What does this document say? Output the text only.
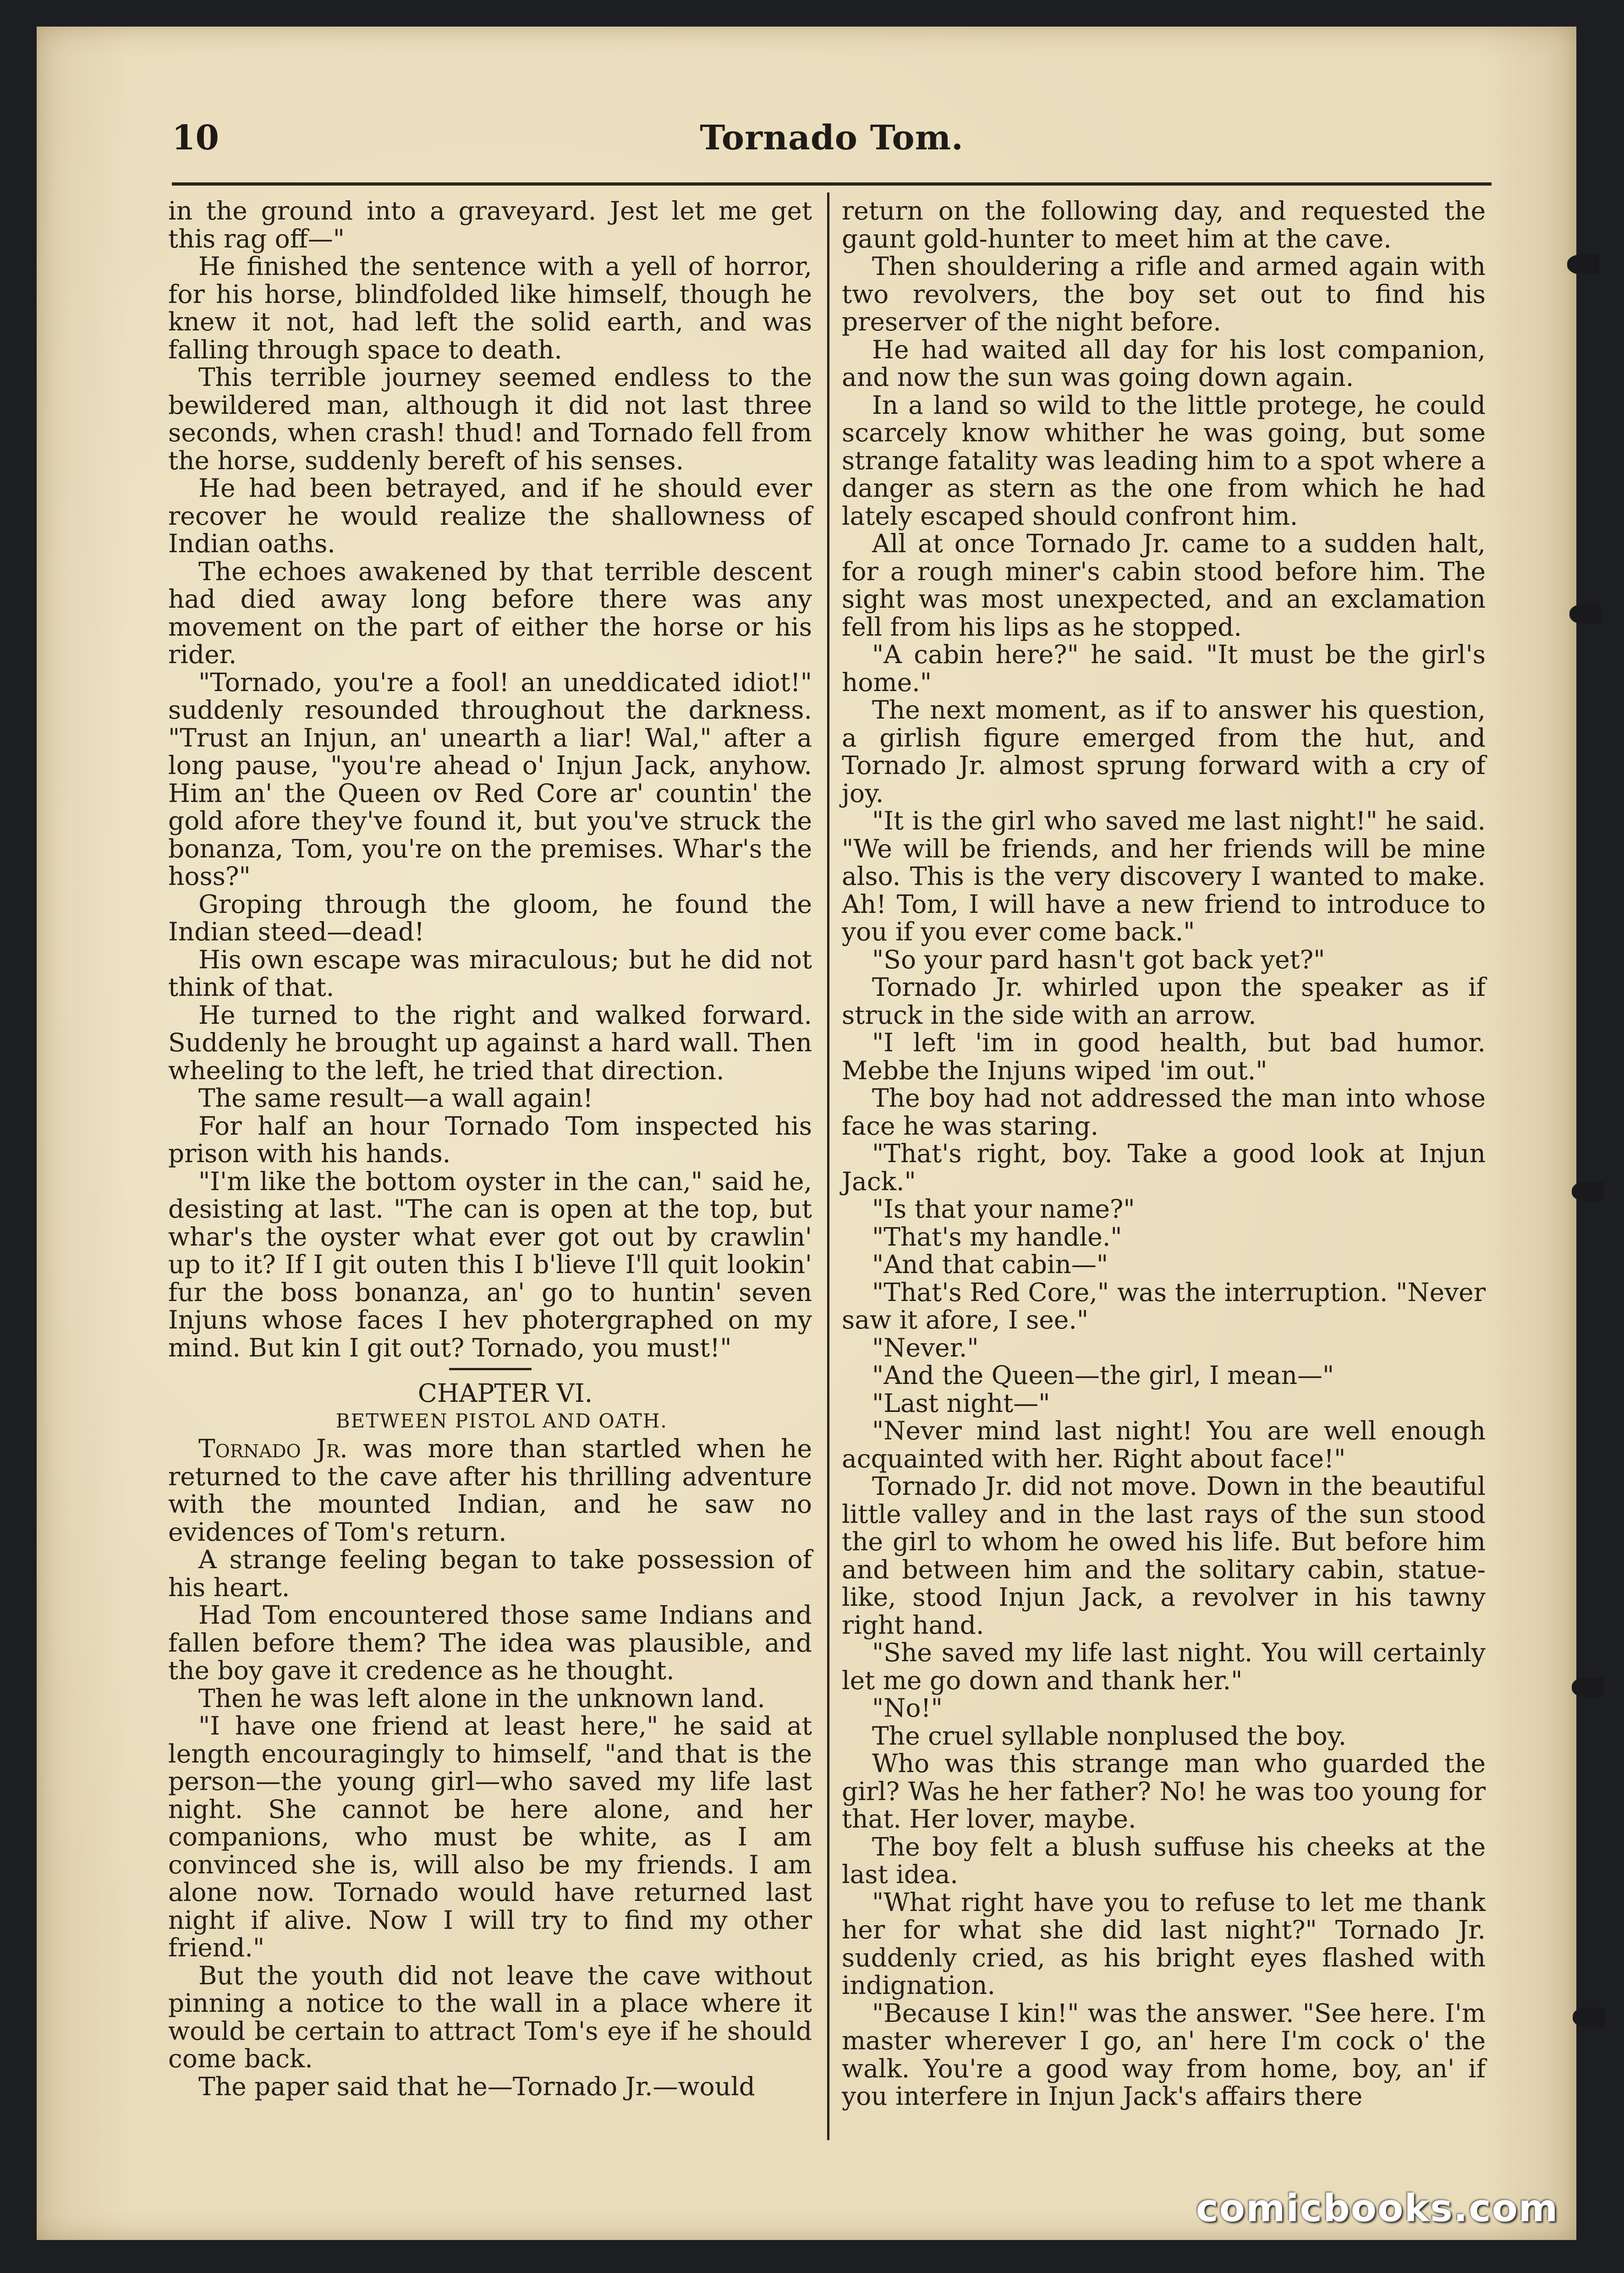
10	Tornado Tom.

in the ground into a graveyard. Jest let me get this rag off—"

He finished the sentence with a yell of horror, for his horse, blindfolded like himself, though he knew it not, had left the solid earth, and was falling through space to death.

This terrible journey seemed endless to the bewildered man, although it did not last three seconds, when crash! thud! and Tornado fell from the horse, suddenly bereft of his senses.

He had been betrayed, and if he should ever recover he would realize the shallowness of Indian oaths.

The echoes awakened by that terrible descent had died away long before there was any movement on the part of either the horse or his rider.

"Tornado, you're a fool! an uneddicated idiot!" suddenly resounded throughout the darkness. "Trust an Injun, an' unearth a liar! Wal," after a long pause, "you're ahead o' Injun Jack, anyhow. Him an' the Queen ov Red Core ar' countin' the gold afore they've found it, but you've struck the bonanza, Tom, you're on the premises. Whar's the hoss?"

Groping through the gloom, he found the Indian steed—dead!

His own escape was miraculous; but he did not think of that.

He turned to the right and walked forward. Suddenly he brought up against a hard wall. Then wheeling to the left, he tried that direction.

The same result—a wall again!

For half an hour Tornado Tom inspected his prison with his hands.

"I'm like the bottom oyster in the can," said he, desisting at last. "The can is open at the top, but whar's the oyster what ever got out by crawlin' up to it? If I git outen this I b'lieve I'll quit lookin' fur the boss bonanza, an' go to huntin' seven Injuns whose faces I hev photergraphed on my mind. But kin I git out? Tornado, you must!"

CHAPTER VI.

BETWEEN PISTOL AND OATH.

Tornado Jr. was more than startled when he returned to the cave after his thrilling adventure with the mounted Indian, and he saw no evidences of Tom's return.

A strange feeling began to take possession of his heart.

Had Tom encountered those same Indians and fallen before them? The idea was plausible, and the boy gave it credence as he thought.

Then he was left alone in the unknown land.

"I have one friend at least here," he said at length encouragingly to himself, "and that is the person—the young girl—who saved my life last night. She cannot be here alone, and her companions, who must be white, as I am convinced she is, will also be my friends. I am alone now. Tornado would have returned last night if alive. Now I will try to find my other friend."

But the youth did not leave the cave without pinning a notice to the wall in a place where it would be certain to attract Tom's eye if he should come back.

The paper said that he—Tornado Jr.—would

return on the following day, and requested the gaunt gold-hunter to meet him at the cave.

Then shouldering a rifle and armed again with two revolvers, the boy set out to find his preserver of the night before.

He had waited all day for his lost companion, and now the sun was going down again.

In a land so wild to the little protege, he could scarcely know whither he was going, but some strange fatality was leading him to a spot where a danger as stern as the one from which he had lately escaped should confront him.

All at once Tornado Jr. came to a sudden halt, for a rough miner's cabin stood before him. The sight was most unexpected, and an exclamation fell from his lips as he stopped.

"A cabin here?" he said. "It must be the girl's home."

The next moment, as if to answer his question, a girlish figure emerged from the hut, and Tornado Jr. almost sprung forward with a cry of joy.

"It is the girl who saved me last night!" he said. "We will be friends, and her friends will be mine also. This is the very discovery I wanted to make. Ah! Tom, I will have a new friend to introduce to you if you ever come back."

"So your pard hasn't got back yet?"

Tornado Jr. whirled upon the speaker as if struck in the side with an arrow.

"I left 'im in good health, but bad humor. Mebbe the Injuns wiped 'im out."

The boy had not addressed the man into whose face he was staring.

"That's right, boy. Take a good look at Injun Jack."

"Is that your name?"

"That's my handle."

"And that cabin—"

"That's Red Core," was the interruption. "Never saw it afore, I see."

"Never."

"And the Queen—the girl, I mean—"

"Last night—"

"Never mind last night! You are well enough acquainted with her. Right about face!"

Tornado Jr. did not move. Down in the beautiful little valley and in the last rays of the sun stood the girl to whom he owed his life. But before him and between him and the solitary cabin, statue-like, stood Injun Jack, a revolver in his tawny right hand.

"She saved my life last night. You will certainly let me go down and thank her."

"No!"

The cruel syllable nonplused the boy.

Who was this strange man who guarded the girl? Was he her father? No! he was too young for that. Her lover, maybe.

The boy felt a blush suffuse his cheeks at the last idea.

"What right have you to refuse to let me thank her for what she did last night?" Tornado Jr. suddenly cried, as his bright eyes flashed with indignation.

"Because I kin!" was the answer. "See here. I'm master wherever I go, an' here I'm cock o' the walk. You're a good way from home, boy, an' if you interfere in Injun Jack's affairs there

comicbooks.com
